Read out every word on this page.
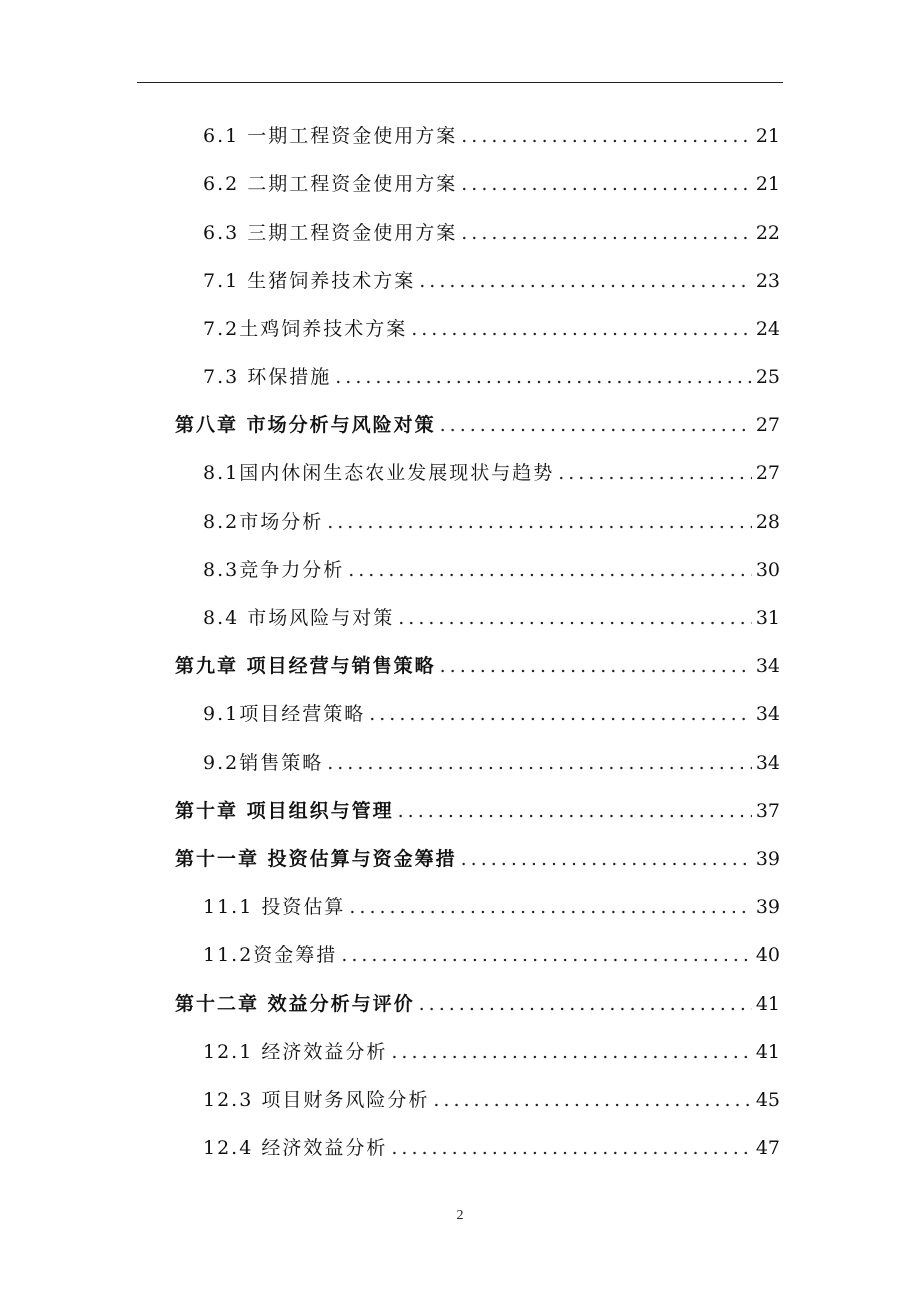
6.1 一期工程资金使用方案 .....	21
6.2 二期工程资金使用方案 .....	21
6.3 三期工程资金使用方案 .....	22
7.1 生猪饲养技术方案 .....	23
7.2土鸡饲养技术方案 .....	24
7.3 环保措施 .....	25
第八章 市场分析与风险对策 .....	27
8.1国内休闲生态农业发展现状与趋势 .....	27
8.2市场分析 .....	28
8.3竞争力分析 .....	30
8.4 市场风险与对策 .....	31
第九章 项目经营与销售策略 .....	34
9.1项目经营策略 .....	34
9.2销售策略 .....	34
第十章 项目组织与管理 .....	37
第十一章 投资估算与资金筹措 .....	39
11.1 投资估算 .....	39
11.2资金筹措 .....	40
第十二章 效益分析与评价 .....	41
12.1 经济效益分析 .....	41
12.3 项目财务风险分析 .....	45
12.4 经济效益分析 .....	47
2
